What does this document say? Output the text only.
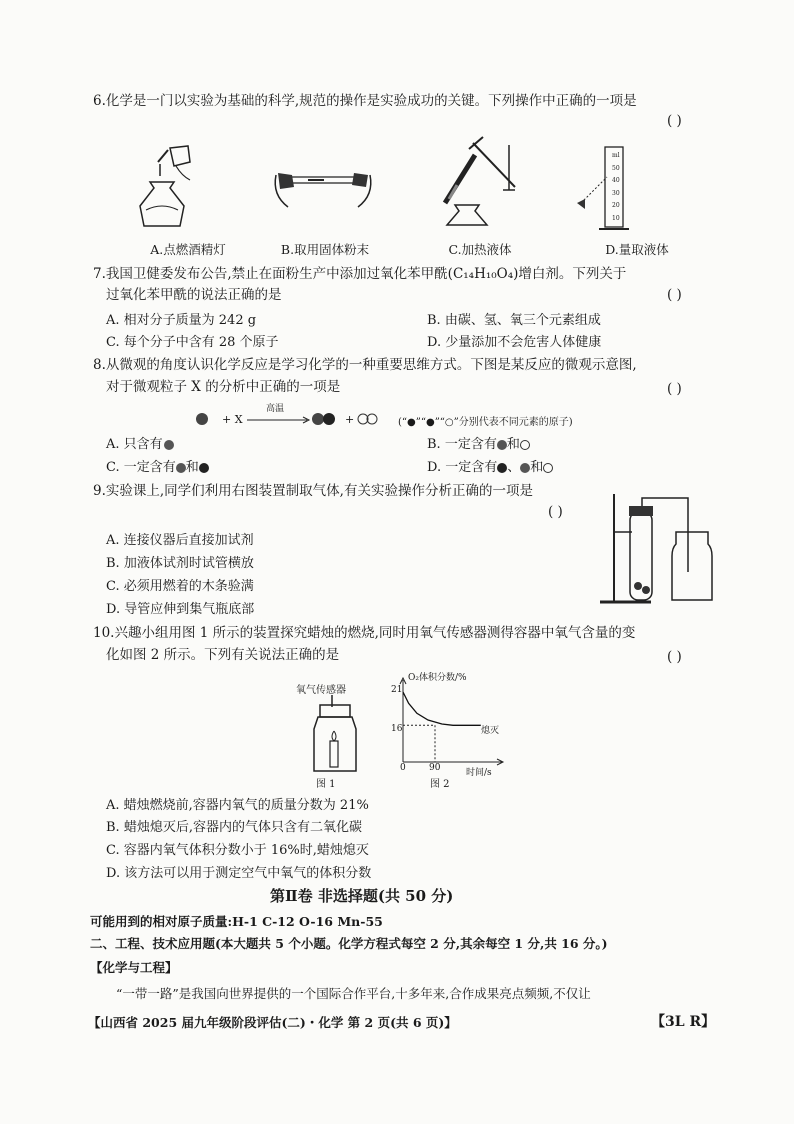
6.化学是一门以实验为基础的科学,规范的操作是实验成功的关键。下列操作中正确的一项是
( )
ml
50
40
30
20
10
A.点燃酒精灯	B.取用固体粉末	C.加热液体	D.量取液体
7.我国卫健委发布公告,禁止在面粉生产中添加过氧化苯甲酰(C₁₄H₁₀O₄)增白剂。下列关于
过氧化苯甲酰的说法正确的是	( )
A. 相对分子质量为 242 g	B. 由碳、氢、氧三个元素组成
C. 每个分子中含有 28 个原子	D. 少量添加不会危害人体健康
8.从微观的角度认识化学反应是学习化学的一种重要思维方式。下图是某反应的微观示意图,
对于微观粒子 X 的分析中正确的一项是	( )
+ X
高温
+	(“●”“●”“○”分别代表不同元素的原子)
A. 只含有	B. 一定含有 和
C. 一定含有 和	D. 一定含有 、 和
9.实验课上,同学们利用右图装置制取气体,有关实验操作分析正确的一项是
( )
A. 连接仪器后直接加试剂
B. 加液体试剂时试管横放
C. 必须用燃着的木条验满
D. 导管应伸到集气瓶底部
10.兴趣小组用图 1 所示的装置探究蜡烛的燃烧,同时用氧气传感器测得容器中氧气含量的变
化如图 2 所示。下列有关说法正确的是	( )
氧气传感器
图 1
O₂体积分数/%
21
16
0	90	时间/s
熄灭
图 2
A. 蜡烛燃烧前,容器内氧气的质量分数为 21%
B. 蜡烛熄灭后,容器内的气体只含有二氧化碳
C. 容器内氧气体积分数小于 16%时,蜡烛熄灭
D. 该方法可以用于测定空气中氧气的体积分数
第Ⅱ卷 非选择题(共 50 分)
可能用到的相对原子质量:H-1 C-12 O-16 Mn-55
二、工程、技术应用题(本大题共 5 个小题。化学方程式每空 2 分,其余每空 1 分,共 16 分。)
【化学与工程】
“一带一路”是我国向世界提供的一个国际合作平台,十多年来,合作成果亮点频频,不仅让
【山西省 2025 届九年级阶段评估(二)・化学 第 2 页(共 6 页)】	【3L R】
